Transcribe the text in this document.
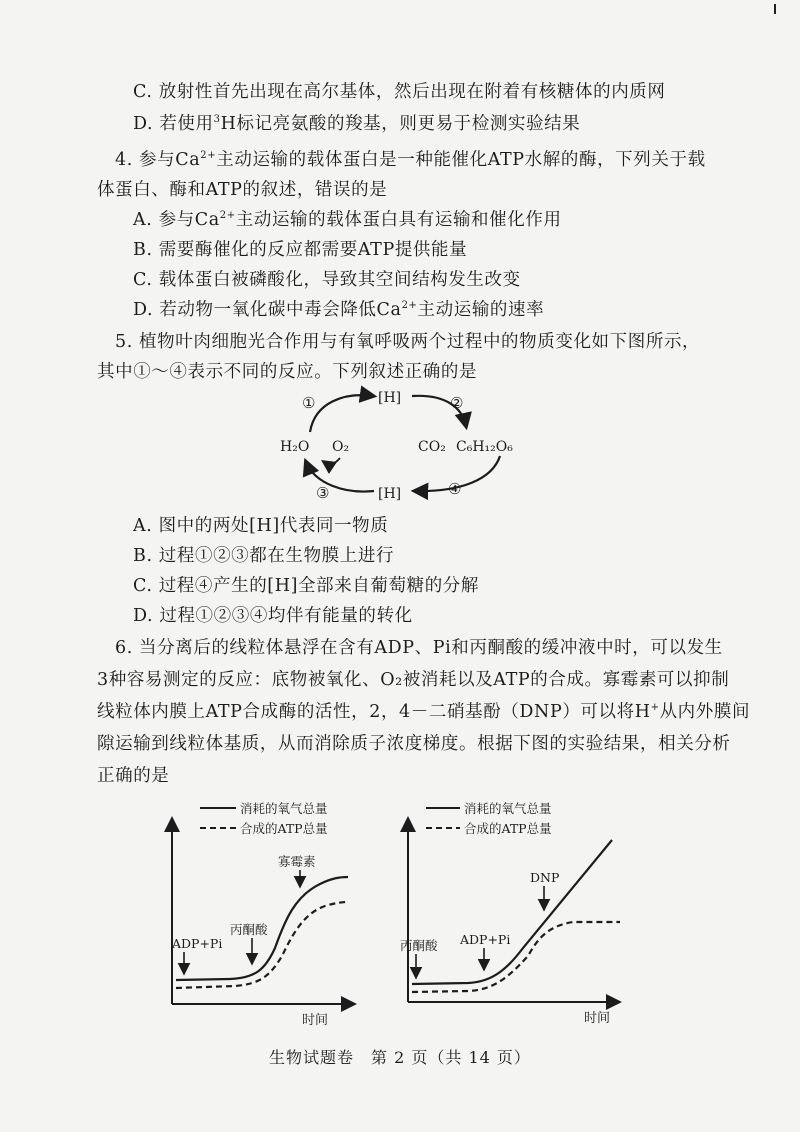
C. 放射性首先出现在高尔基体，然后出现在附着有核糖体的内质网
D. 若使用$^3$H标记亮氨酸的羧基，则更易于检测实验结果
4. 参与$Ca^{2+}$主动运输的载体蛋白是一种能催化ATP水解的酶，下列关于载
体蛋白、酶和ATP的叙述，错误的是
A. 参与$Ca^{2+}$主动运输的载体蛋白具有运输和催化作用
B. 需要酶催化的反应都需要ATP提供能量
C. 载体蛋白被磷酸化，导致其空间结构发生改变
D. 若动物一氧化碳中毒会降低$Ca^{2+}$主动运输的速率
5. 植物叶肉细胞光合作用与有氧呼吸两个过程中的物质变化如下图所示，
其中①～④表示不同的反应。下列叙述正确的是
[H]
[H]
H₂O O₂	CO₂ C₆H₁₂O₆
①	②
③	④
A. 图中的两处[H]代表同一物质
B. 过程①②③都在生物膜上进行
C. 过程④产生的[H]全部来自葡萄糖的分解
D. 过程①②③④均伴有能量的转化
6. 当分离后的线粒体悬浮在含有ADP、Pi和丙酮酸的缓冲液中时，可以发生
3种容易测定的反应：底物被氧化、O₂被消耗以及ATP的合成。寡霉素可以抑制
线粒体内膜上ATP合成酶的活性，2，4－二硝基酚（DNP）可以将H+从内外膜间
隙运输到线粒体基质，从而消除质子浓度梯度。根据下图的实验结果，相关分析
正确的是
消耗的氧气总量
合成的ATP总量
时间
寡霉素
丙酮酸
ADP+Pi
消耗的氧气总量
合成的ATP总量
时间
DNP
ADP+Pi
丙酮酸
生物试题卷　第 2 页（共 14 页）
